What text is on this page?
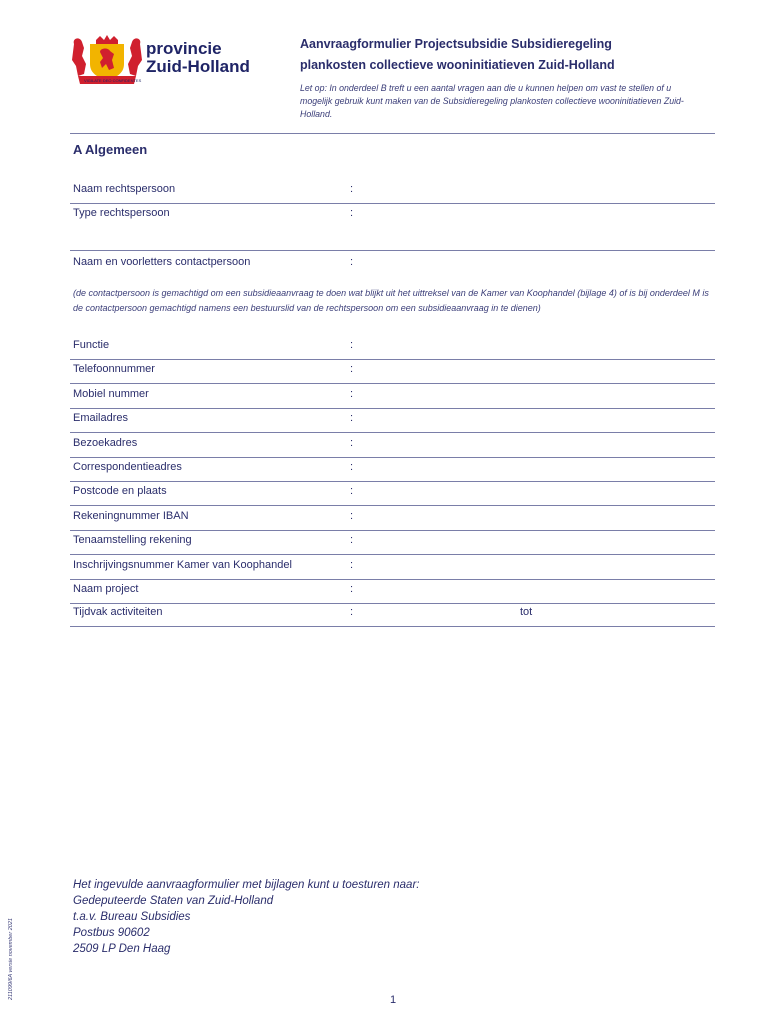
provincie
Zuid-Holland
VIGILATE DEO CONFIDENTES
Aanvraagformulier Projectsubsidie Subsidieregeling
plankosten collectieve wooninitiatieven Zuid-Holland
Let op: In onderdeel B treft u een aantal vragen aan die u kunnen helpen om vast te stellen of u mogelijk gebruik kunt maken van de Subsidieregeling plankosten collectieve wooninitiatieven Zuid-Holland.
A Algemeen
Naam rechtspersoon	:
Type rechtspersoon	:
Naam en voorletters contactpersoon	:
(de contactpersoon is gemachtigd om een subsidieaanvraag te doen wat blijkt uit het uittreksel van de Kamer van Koophandel (bijlage 4) of is bij onderdeel M is de contactpersoon gemachtigd namens een bestuurslid van de rechtspersoon om een subsidieaanvraag in te dienen)
Functie	:
Telefoonnummer	:
Mobiel nummer	:
Emailadres	:
Bezoekadres	:
Correspondentieadres	:
Postcode en plaats	:
Rekeningnummer IBAN	:
Tenaamstelling rekening	:
Inschrijvingsnummer Kamer van Koophandel	:
Naam project	:
Tijdvak activiteiten	:	tot
211099/6A versie november 2021
Het ingevulde aanvraagformulier met bijlagen kunt u toesturen naar:
Gedeputeerde Staten van Zuid-Holland
t.a.v. Bureau Subsidies
Postbus 90602
2509 LP Den Haag
1
